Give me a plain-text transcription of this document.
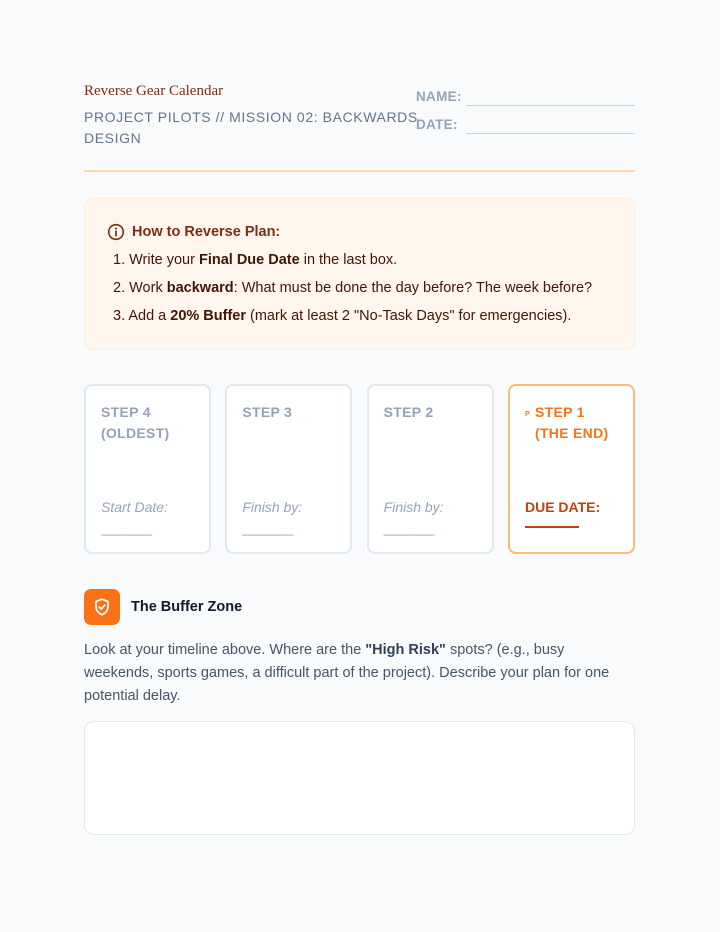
Reverse Gear Calendar
PROJECT PILOTS // MISSION 02: BACKWARDS DESIGN
NAME:
DATE:
How to Reverse Plan:
1. Write your Final Due Date in the last box.
2. Work backward: What must be done the day before? The week before?
3. Add a 20% Buffer (mark at least 2 "No-Task Days" for emergencies).
STEP 4 (OLDEST)
Start Date:
________
STEP 3
Finish by:
________
STEP 2
Finish by:
________
P STEP 1 (THE END)
DUE DATE:
The Buffer Zone

Look at your timeline above. Where are the "High Risk" spots? (e.g., busy weekends, sports games, a difficult part of the project). Describe your plan for one potential delay.
